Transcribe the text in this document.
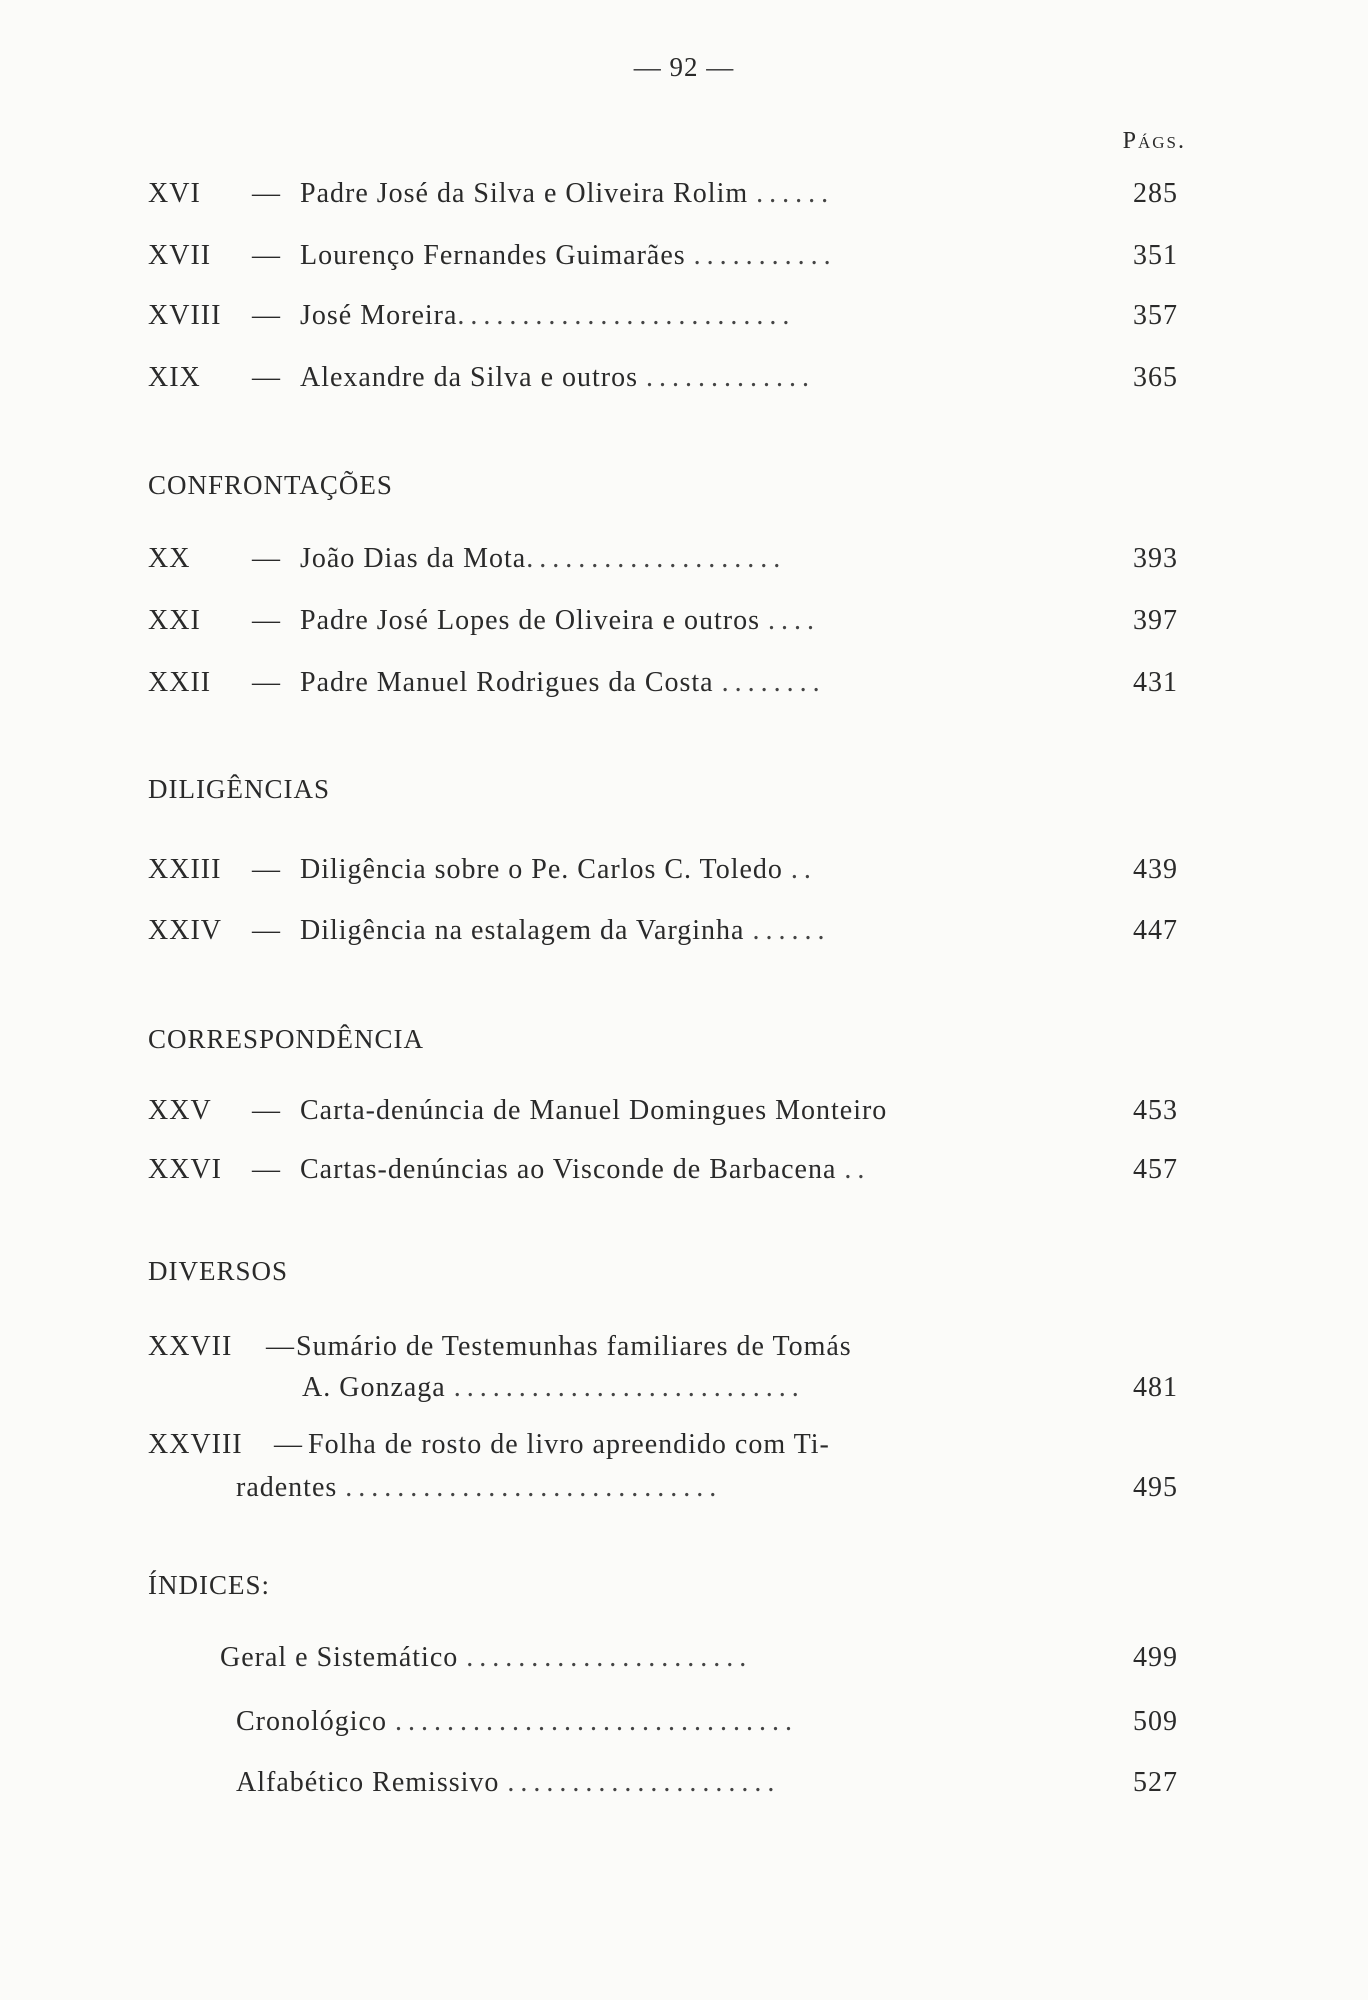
— 92 —
Págs.
XVI — Padre José da Silva e Oliveira Rolim ......	285
XVII — Lourenço Fernandes Guimarães ...........	351
XVIII — José Moreira..........................	357
XIX — Alexandre da Silva e outros .............	365
CONFRONTAÇÕES
XX — João Dias da Mota....................	393
XXI — Padre José Lopes de Oliveira e outros ....	397
XXII — Padre Manuel Rodrigues da Costa ........	431
DILIGÊNCIAS
XXIII — Diligência sobre o Pe. Carlos C. Toledo ..	439
XXIV — Diligência na estalagem da Varginha ......	447
CORRESPONDÊNCIA
XXV — Carta-denúncia de Manuel Domingues Monteiro	453
XXVI — Cartas-denúncias ao Visconde de Barbacena ..	457
DIVERSOS
XXVII — Sumário de Testemunhas familiares de Tomás
A. Gonzaga ...........................	481
XXVIII — Folha de rosto de livro apreendido com Ti-
radentes .............................	495
ÍNDICES:
Geral e Sistemático ......................	499
Cronológico ...............................	509
Alfabético Remissivo .....................	527
